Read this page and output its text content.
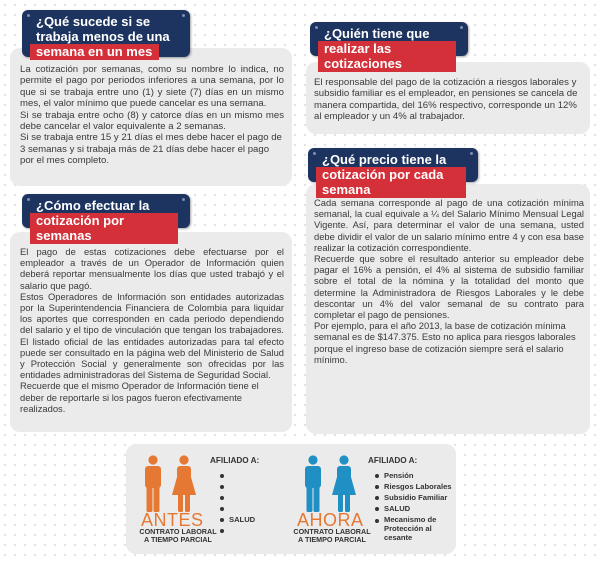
¿Qué sucede si se
trabaja menos de una
semana en un mes

La cotización por semanas, como su nombre lo indica, no permite el pago por periodos inferiores a una semana, por lo que si se trabaja entre uno (1) y siete (7) días en un mismo mes, el valor mínimo que puede cancelar es una semana.

Si se trabaja entre ocho (8) y catorce días en un mismo mes debe cancelar el valor equivalente a 2 semanas.

Si se trabaja entre 15 y 21 días el mes debe hacer el pago de 3 semanas y si trabaja más de 21 días debe hacer el pago por el mes completo.

¿Cómo efectuar la
cotización por semanas

El pago de estas cotizaciones debe efectuarse por el empleador a través de un Operador de Información quien deberá reportar mensualmente los días que usted trabajó y el salario que pagó.

Estos Operadores de Información son entidades autorizadas por la Superintendencia Financiera de Colombia para liquidar los aportes que corresponden en cada periodo dependiendo del salario y el tipo de vinculación que tengan los trabajadores. El listado oficial de las entidades autorizadas para tal efecto puede ser consultado en la página web del Ministerio de Salud y Protección Social y generalmente son ofrecidas por las entidades administradoras del Sistema de Seguridad Social.

Recuerde que el mismo Operador de Información tiene el deber de reportarle si los pagos fueron efectivamente realizados.

¿Quién tiene que
realizar las cotizaciones

El responsable del pago de la cotización a riesgos laborales y subsidio familiar es el empleador, en pensiones se cancela de manera compartida, del 16% respectivo, corresponde un 12% al empleador y un 4% al trabajador.

¿Qué precio tiene la
cotización por cada semana

Cada semana corresponde al pago de una cotización mínima semanal, la cual equivale a ¼ del Salario Mínimo Mensual Legal Vigente. Así, para determinar el valor de una semana, usted debe dividir el valor de un salario mínimo entre 4 y con esa base realizar la cotización correspondiente.

Recuerde que sobre el resultado anterior su empleador debe pagar el 16% a pensión, el 4% al sistema de subsidio familiar sobre el total de la nómina y la totalidad del monto que determine la Administradora de Riesgos Laborales y le debe descontar un 4% del valor semanal de su contrato para completar el pago de pensiones.

Por ejemplo, para el año 2013, la base de cotización mínima semanal es de $147.375. Esto no aplica para riesgos laborales porque el ingreso base de cotización siempre será el salario mínimo.

ANTES
CONTRATO LABORAL
A TIEMPO PARCIAL
AFILIADO A:
SALUD AHORA
CONTRATO LABORAL
A TIEMPO PARCIAL
AFILIADO A:
Pensión
Riesgos Laborales
Subsidio Familiar
SALUD
Mecanismo de Protección al cesante
